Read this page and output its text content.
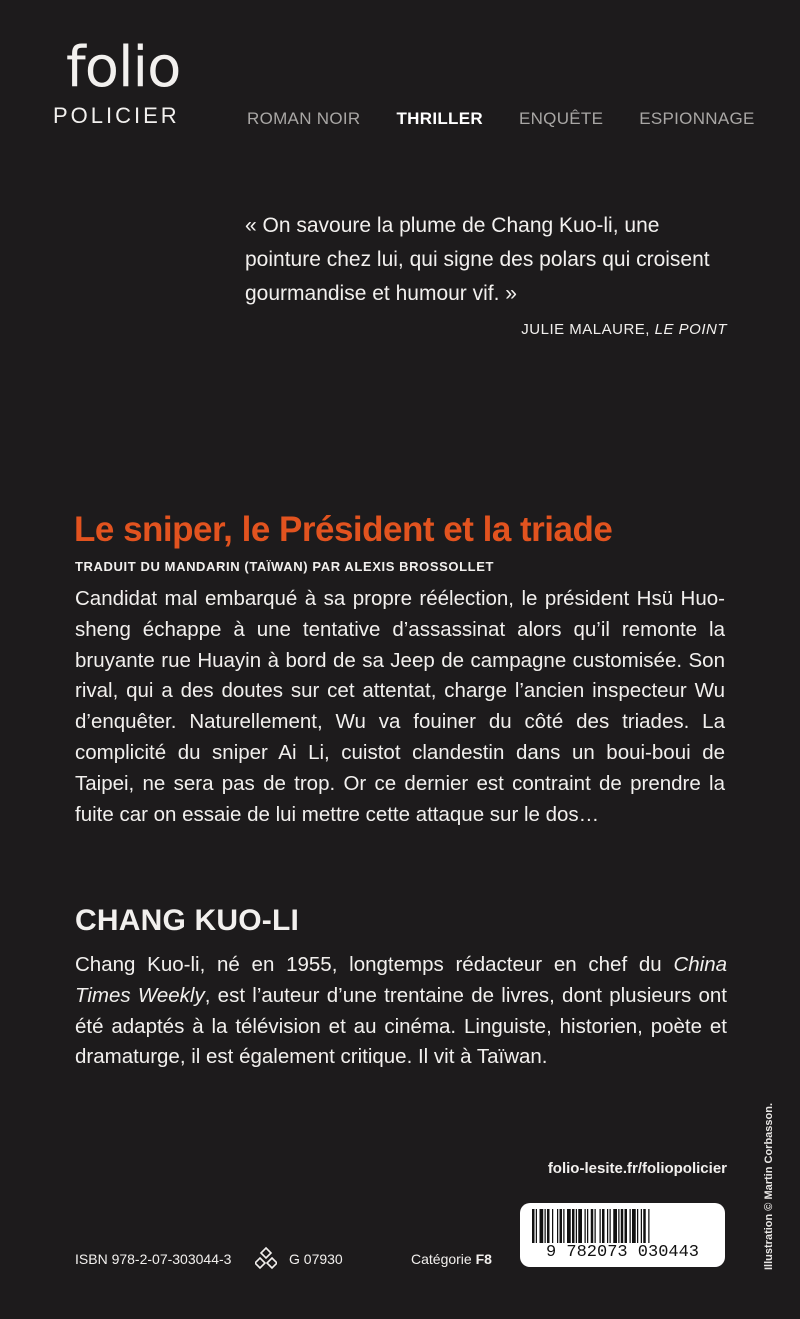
folio
POLICIER	ROMAN NOIR THRILLER ENQUÊTE ESPIONNAGE
« On savoure la plume de Chang Kuo-li, une pointure chez lui, qui signe des polars qui croisent gourmandise et humour vif. »
JULIE MALAURE, LE POINT
Le sniper, le Président et la triade
TRADUIT DU MANDARIN (TAÏWAN) PAR ALEXIS BROSSOLLET
Candidat mal embarqué à sa propre réélection, le président Hsü Huo-sheng échappe à une tentative d’assassinat alors qu’il remonte la bruyante rue Huayin à bord de sa Jeep de campagne customisée. Son rival, qui a des doutes sur cet attentat, charge l’ancien inspecteur Wu d’enquêter. Naturellement, Wu va fouiner du côté des triades. La complicité du sniper Ai Li, cuistot clandestin dans un boui-boui de Taipei, ne sera pas de trop. Or ce dernier est contraint de prendre la fuite car on essaie de lui mettre cette attaque sur le dos…
CHANG KUO-LI
Chang Kuo-li, né en 1955, longtemps rédacteur en chef du China Times Weekly, est l’auteur d’une trentaine de livres, dont plusieurs ont été adaptés à la télévision et au cinéma. Linguiste, historien, poète et dramaturge, il est également critique. Il vit à Taïwan.
folio-lesite.fr/foliopolicier
9 782073 030443
ISBN 978-2-07-303044-3	G 07930	Catégorie F8	Illustration © Martin Corbasson.
